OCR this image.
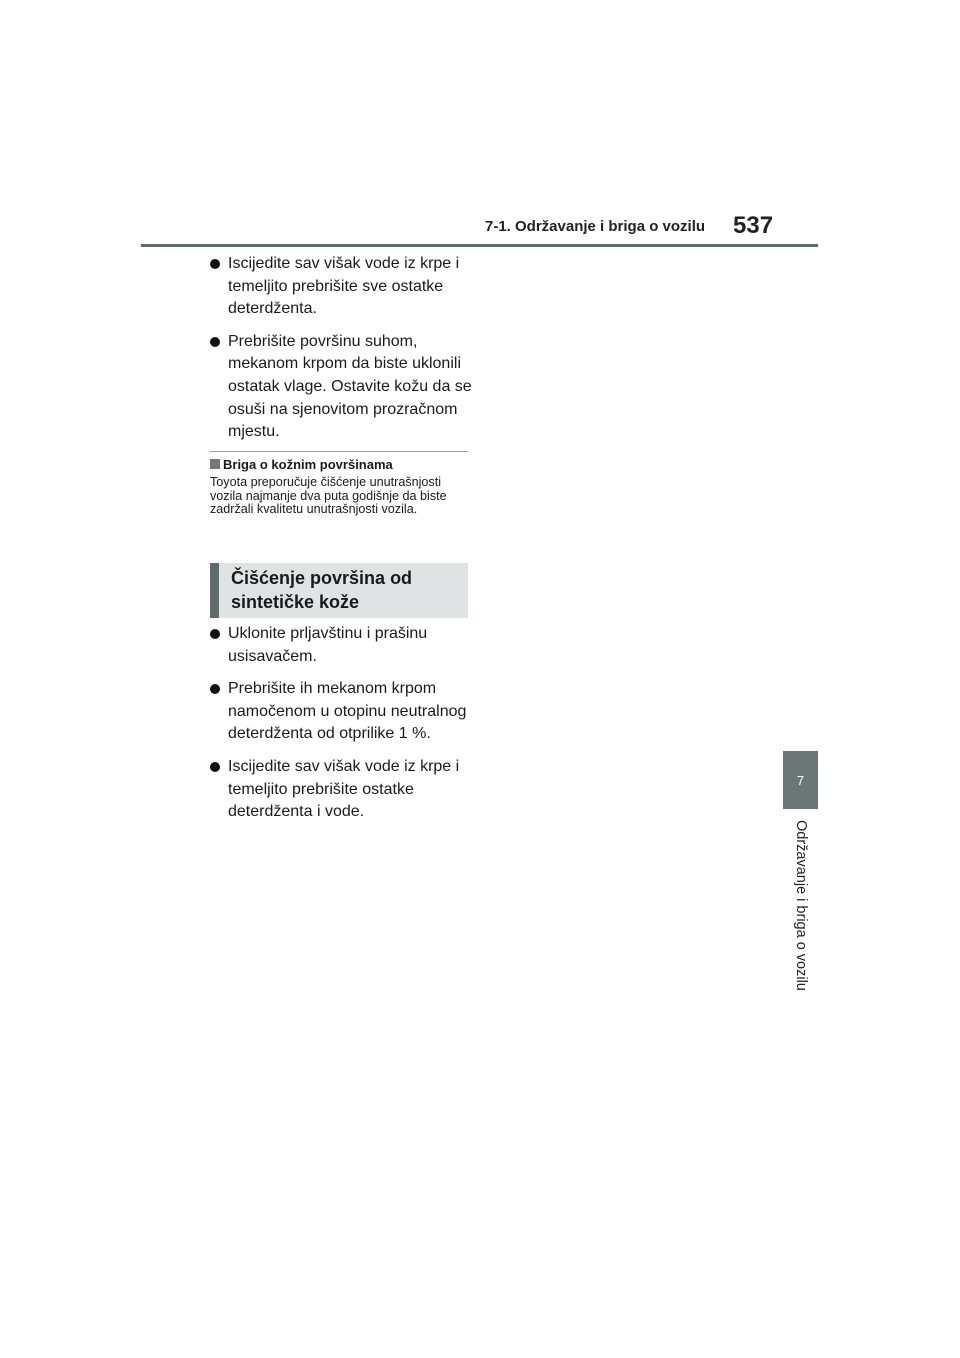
7-1. Održavanje i briga o vozilu 537
Iscijedite sav višak vode iz krpe i temeljito prebrišite sve ostatke deterdženta.
Prebrišite površinu suhom, mekanom krpom da biste uklonili ostatak vlage. Ostavite kožu da se osuši na sjenovitom prozračnom mjestu.
Briga o kožnim površinama
Toyota preporučuje čišćenje unutrašnjosti vozila najmanje dva puta godišnje da biste zadržali kvalitetu unutrašnjosti vozila.
Čišćenje površina od sintetičke kože
Uklonite prljavštinu i prašinu usisavačem.
Prebrišite ih mekanom krpom namočenom u otopinu neutralnog deterdženta od otprilike 1 %.
Iscijedite sav višak vode iz krpe i temeljito prebrišite ostatke deterdženta i vode.
7
Održavanje i briga o vozilu
